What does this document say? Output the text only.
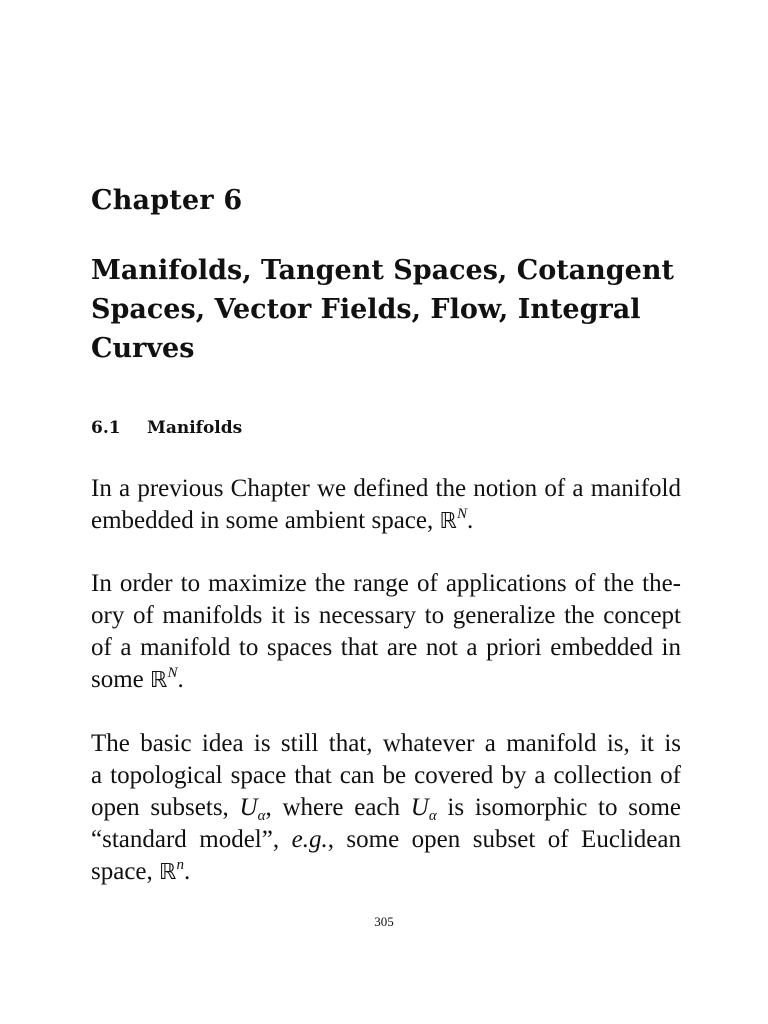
Chapter 6
Manifolds, Tangent Spaces, Cotangent Spaces, Vector Fields, Flow, Integral Curves
6.1 Manifolds
In a previous Chapter we defined the notion of a manifold
embedded in some ambient space, ℝ$^N$.
In order to maximize the range of applications of the the-
ory of manifolds it is necessary to generalize the concept
of a manifold to spaces that are not a priori embedded in
some ℝ$^N$.
The basic idea is still that, whatever a manifold is, it is
a topological space that can be covered by a collection of
open subsets, $U_\alpha$, where each $U_\alpha$ is isomorphic to some
“standard model”, e.g., some open subset of Euclidean
space, ℝ$^n$.
305
